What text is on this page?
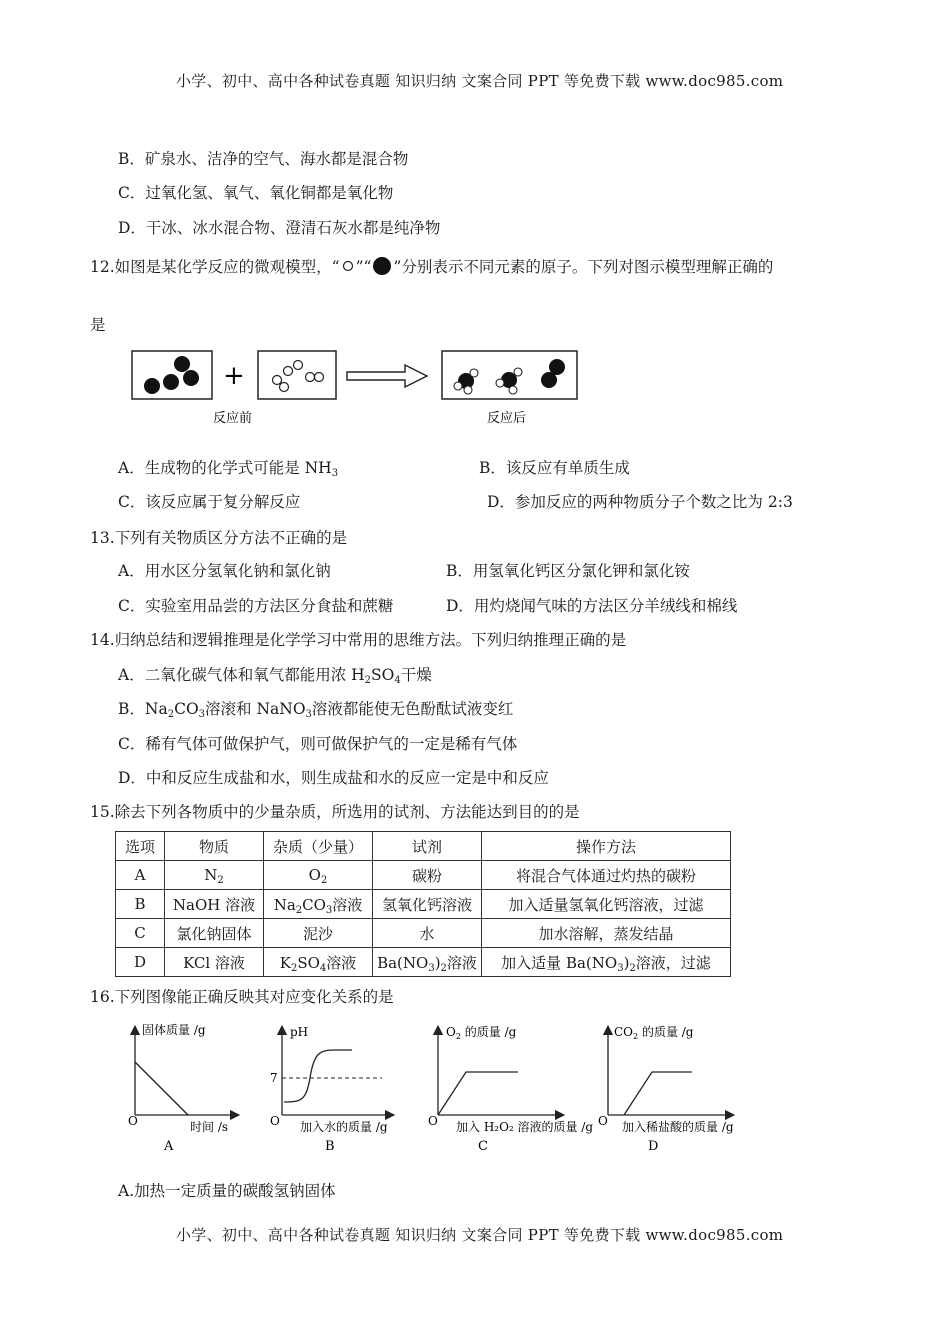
小学、初中、高中各种试卷真题 知识归纳 文案合同 PPT 等免费下载 www.doc985.com
B．矿泉水、洁净的空气、海水都是混合物
C．过氧化氢、氧气、氧化铜都是氧化物
D．干冰、冰水混合物、澄清石灰水都是纯净物
12.如图是某化学反应的微观模型，“ ”“ ”分别表示不同元素的原子。下列对图示模型理解正确的
是
+
反应前	反应后
A．生成物的化学式可能是 $NH_3$	B．该反应有单质生成
C．该反应属于复分解反应	D．参加反应的两种物质分子个数之比为 2:3
13.下列有关物质区分方法不正确的是
A．用水区分氢氧化钠和氯化钠	B．用氢氧化钙区分氯化钾和氯化铵
C．实验室用品尝的方法区分食盐和蔗糖	D．用灼烧闻气味的方法区分羊绒线和棉线
14.归纳总结和逻辑推理是化学学习中常用的思维方法。下列归纳推理正确的是
A．二氧化碳气体和氧气都能用浓 $H_2SO_4$干燥
B．$Na_2CO_3$溶滚和 NaNO$_3$溶液都能使无色酚酞试液变红
C．稀有气体可做保护气，则可做保护气的一定是稀有气体
D．中和反应生成盐和水，则生成盐和水的反应一定是中和反应
15.除去下列各物质中的少量杂质，所选用的试剂、方法能达到目的的是
选项	物质	杂质（少量）	试剂	操作方法
A	$N_2$	$O_2$	碳粉	将混合气体通过灼热的碳粉
B	NaOH 溶液	$Na_2CO_3$溶液	氢氧化钙溶液	加入适量氢氧化钙溶液，过滤
C	氯化钠固体	泥沙	水	加水溶解，蒸发结晶
D	KCl 溶液	$K_2SO_4$溶液	$Ba(NO_3)_2$溶液	加入适量 $Ba(NO_3)_2$溶液，过滤
16.下列图像能正确反映其对应变化关系的是
固体质量 /g
时间 /s
O
A
pH
7
加入水的质量 /g
O
B
$O_2$ 的质量 /g
加入 H₂O₂ 溶液的质量 /g
O
C
$CO_2$ 的质量 /g
加入稀盐酸的质量 /g
O
D
A.加热一定质量的碳酸氢钠固体
小学、初中、高中各种试卷真题 知识归纳 文案合同 PPT 等免费下载 www.doc985.com
